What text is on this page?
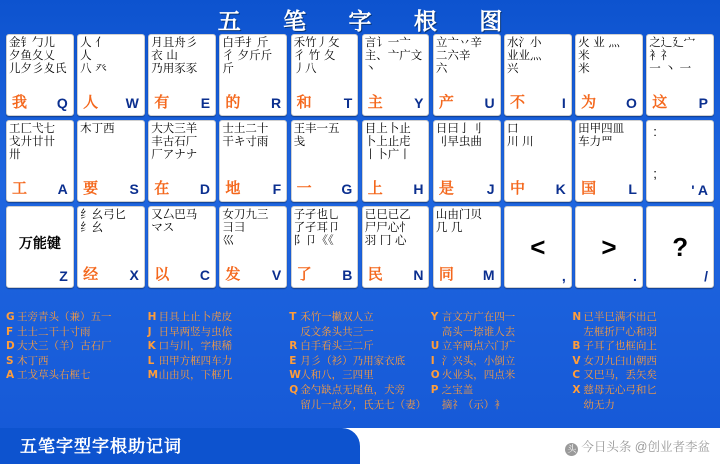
五 笔 字 根 图
金钅勹儿
夕鱼夂乂
儿夕彡夊氏
我 Q
人 亻
人
八 癶
人 W
月且舟彡
衣 山
乃用豕豕
有 E
白手扌斤
彳 夕斤斤
斤
的 R
禾竹丿攵
彳 竹 夂
丿八
和 T
言讠一亠
主、亠广文
丶
主 Y
立亠丷辛
二六辛
六
产 U
水氵小
业业灬
兴
不	I
火 业 灬
米
米
为 O
之辶廴宀
衤礻
一 丶 一
这 P
工匚弋七
戈廾廿卄
卅
工 A
木丁西
要 S
大犬三羊
丰古石厂
厂アナナ
在 D
士土二十
干キ寸雨
地 F
王丰一五
戋
一 G
目上卜止
卜上止虍
丨卜广丨
上 H
日曰亅刂
刂早虫曲
是 J
口
川 川
中 K
田甲四皿
车力罒
国 L
:
;
' A
万能键
Z
纟幺弓匕
纟幺
经 X
又厶巴马
マス
以 C
女刀九三
彐彐
巛
发 V
子孑也乚
了孑耳卩
阝卩《《
了 B
已巳已乙
尸尸心忄
羽 冂 心
民 N
山由门贝
几 几
同 M
<
,
>
.
?
/
G 王旁青头（兼）五一
F 土士二干十寸雨
D 大犬三（羊）古石厂
S 木丁西
A 工戈草头右框七
H 目具上止卜虎皮
J 日早两竖与虫依
K 口与川，字根稀
L 田甲方框四车力
M山由贝，下框几
T 禾竹一撇双人立
反文条头共三一
R 白手看头三二斤
E 月彡（衫）乃用家衣底
W人和八，三四里
Q 金勺缺点无尾鱼，犬旁
留儿一点夕，氏无七（妻）
Y 言文方广在四一
高头一捺谁人去
U 立辛两点六门疒
I 氵兴头，小倒立
O 火业头，四点米
P 之宝盖
摘礻（示）衤
N 已半巳满不出己
左框折尸心和羽
B 子耳了也框向上
V 女刀九臼山朝西
C 又巴马，丢矢矣
X 慈母无心弓和匕
幼无力
五笔字型字根助记词	头 今日头条 @创业者李盆
